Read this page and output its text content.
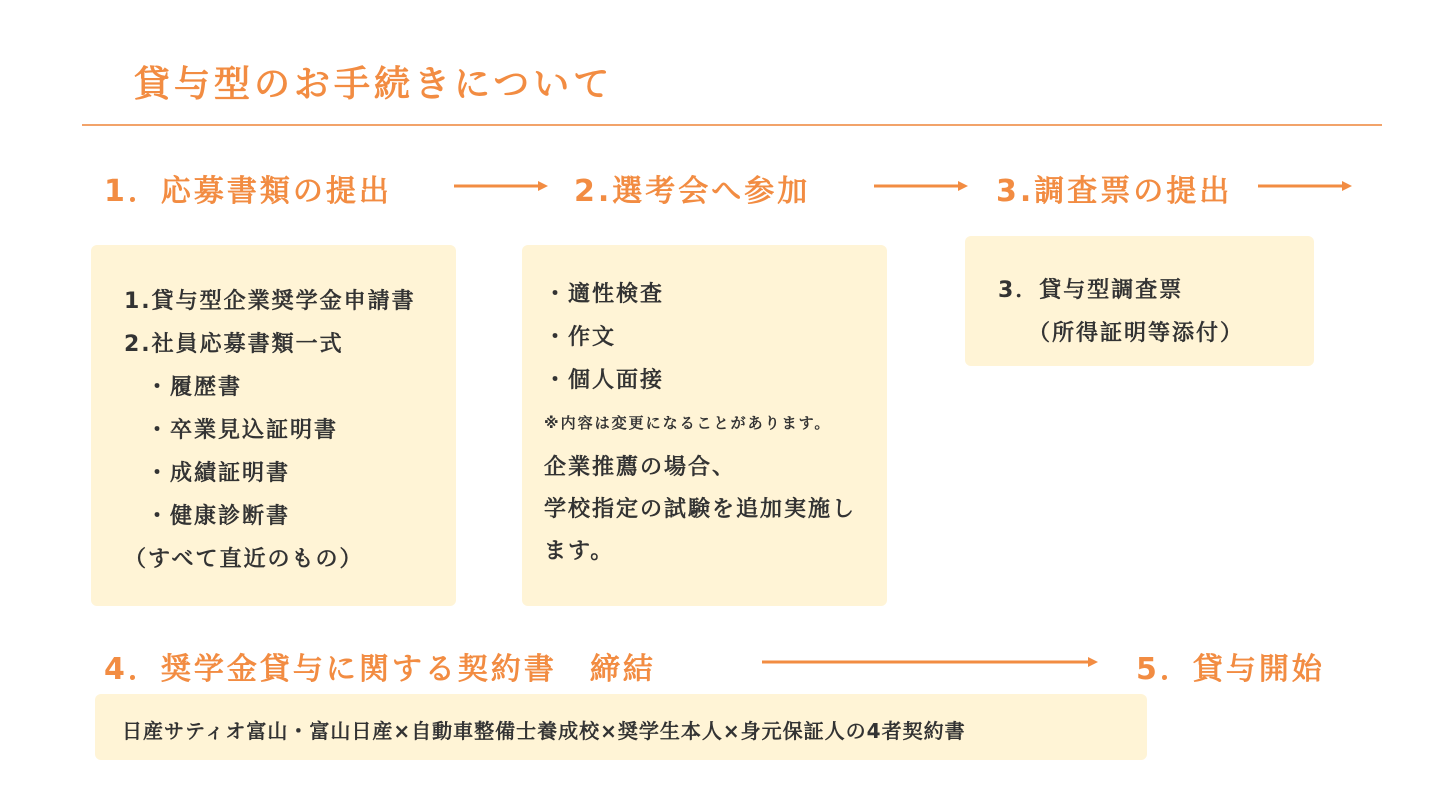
貸与型のお手続きについて
1．応募書類の提出	2.選考会へ参加	3.調査票の提出
1.貸与型企業奨学金申請書
2.社員応募書類一式
・履歴書
・卒業見込証明書
・成績証明書
・健康診断書
（すべて直近のもの）
・適性検査
・作文
・個人面接
※内容は変更になることがあります。
企業推薦の場合、
学校指定の試験を追加実施し
ます。
3．貸与型調査票
（所得証明等添付）
4．奨学金貸与に関する契約書　締結	5．貸与開始
日産サティオ富山・富山日産×自動車整備士養成校×奨学生本人×身元保証人の4者契約書
